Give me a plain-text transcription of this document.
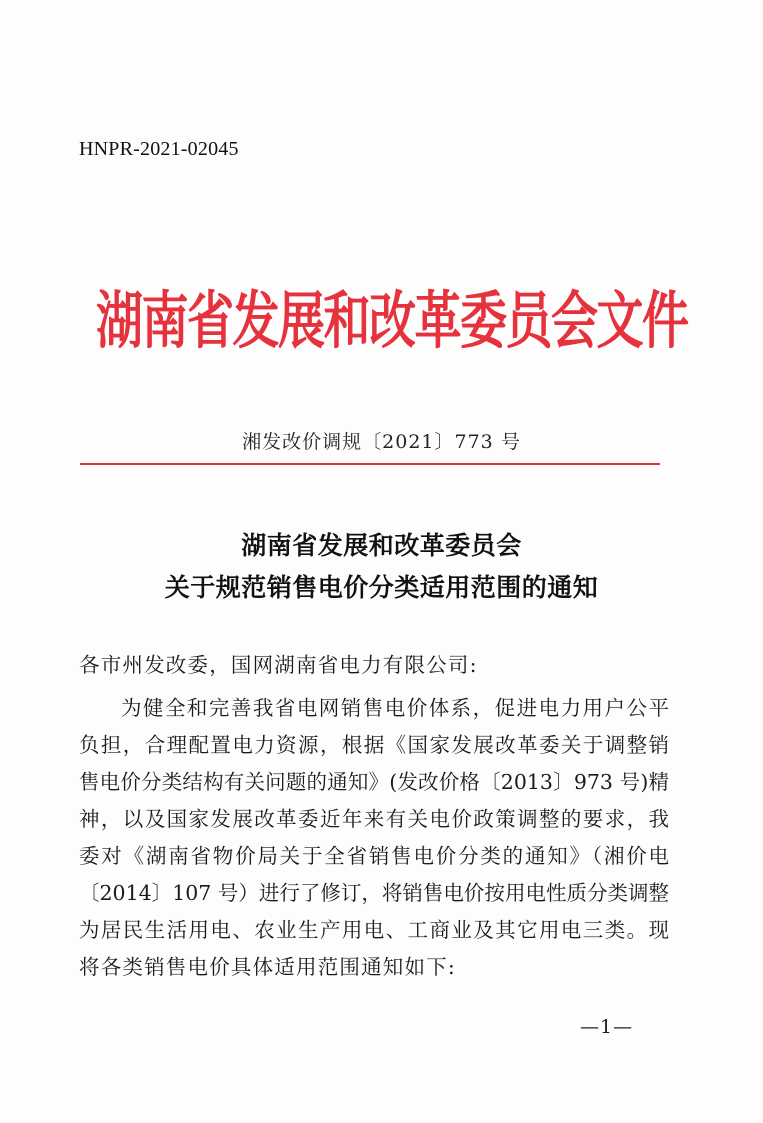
HNPR-2021-02045
湖南省发展和改革委员会文件
湘发改价调规〔2021〕773 号
湖南省发展和改革委员会
关于规范销售电价分类适用范围的通知
各市州发改委，国网湖南省电力有限公司:
为健全和完善我省电网销售电价体系，促进电力用户公平
负担，合理配置电力资源，根据《国家发展改革委关于调整销
售电价分类结构有关问题的通知》(发改价格〔2013〕973 号)精
神，以及国家发展改革委近年来有关电价政策调整的要求，我
委对《湖南省物价局关于全省销售电价分类的通知》（湘价电
〔2014〕107 号）进行了修订，将销售电价按用电性质分类调整
为居民生活用电、农业生产用电、工商业及其它用电三类。现
将各类销售电价具体适用范围通知如下:
—1—
